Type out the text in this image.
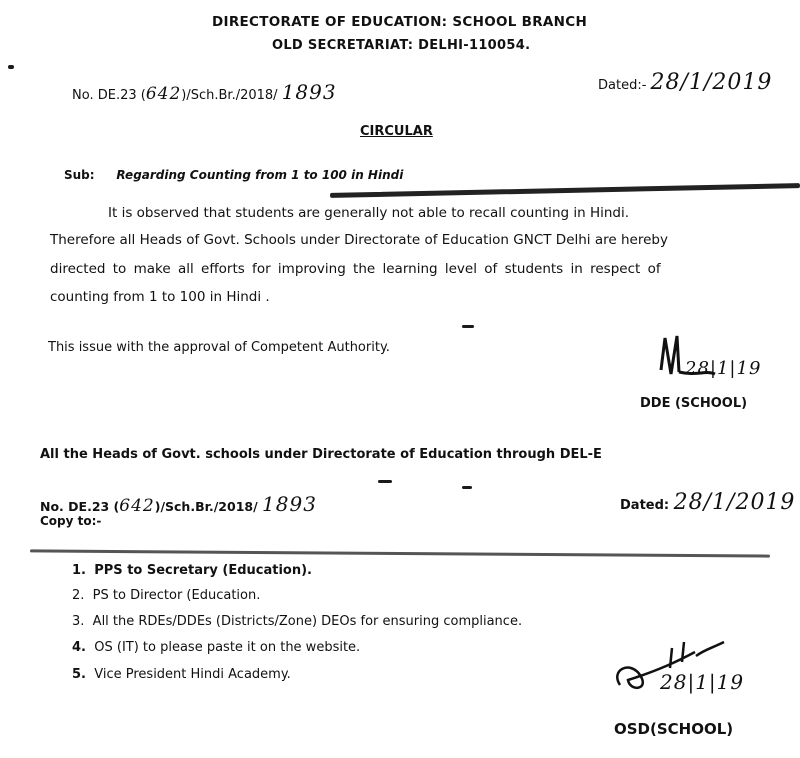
DIRECTORATE OF EDUCATION: SCHOOL BRANCH
OLD SECRETARIAT: DELHI-110054.
No. DE.23 (642)/Sch.Br./2018/ 1893	Dated:- 28/1/2019
CIRCULAR
Sub: Regarding Counting from 1 to 100 in Hindi
It is observed that students are generally not able to recall counting in Hindi.
Therefore all Heads of Govt. Schools under Directorate of Education GNCT Delhi are hereby
directed to make all efforts for improving the learning level of students in respect of
counting from 1 to 100 in Hindi .
This issue with the approval of Competent Authority.
28|1|19
DDE (SCHOOL)
All the Heads of Govt. schools under Directorate of Education through DEL-E
No. DE.23 (642)/Sch.Br./2018/ 1893	Dated: 28/1/2019
Copy to:-
1. PPS to Secretary (Education).
2. PS to Director (Education.
3. All the RDEs/DDEs (Districts/Zone) DEOs for ensuring compliance.
4. OS (IT) to please paste it on the website.
5. Vice President Hindi Academy.	28|1|19
OSD(SCHOOL)
